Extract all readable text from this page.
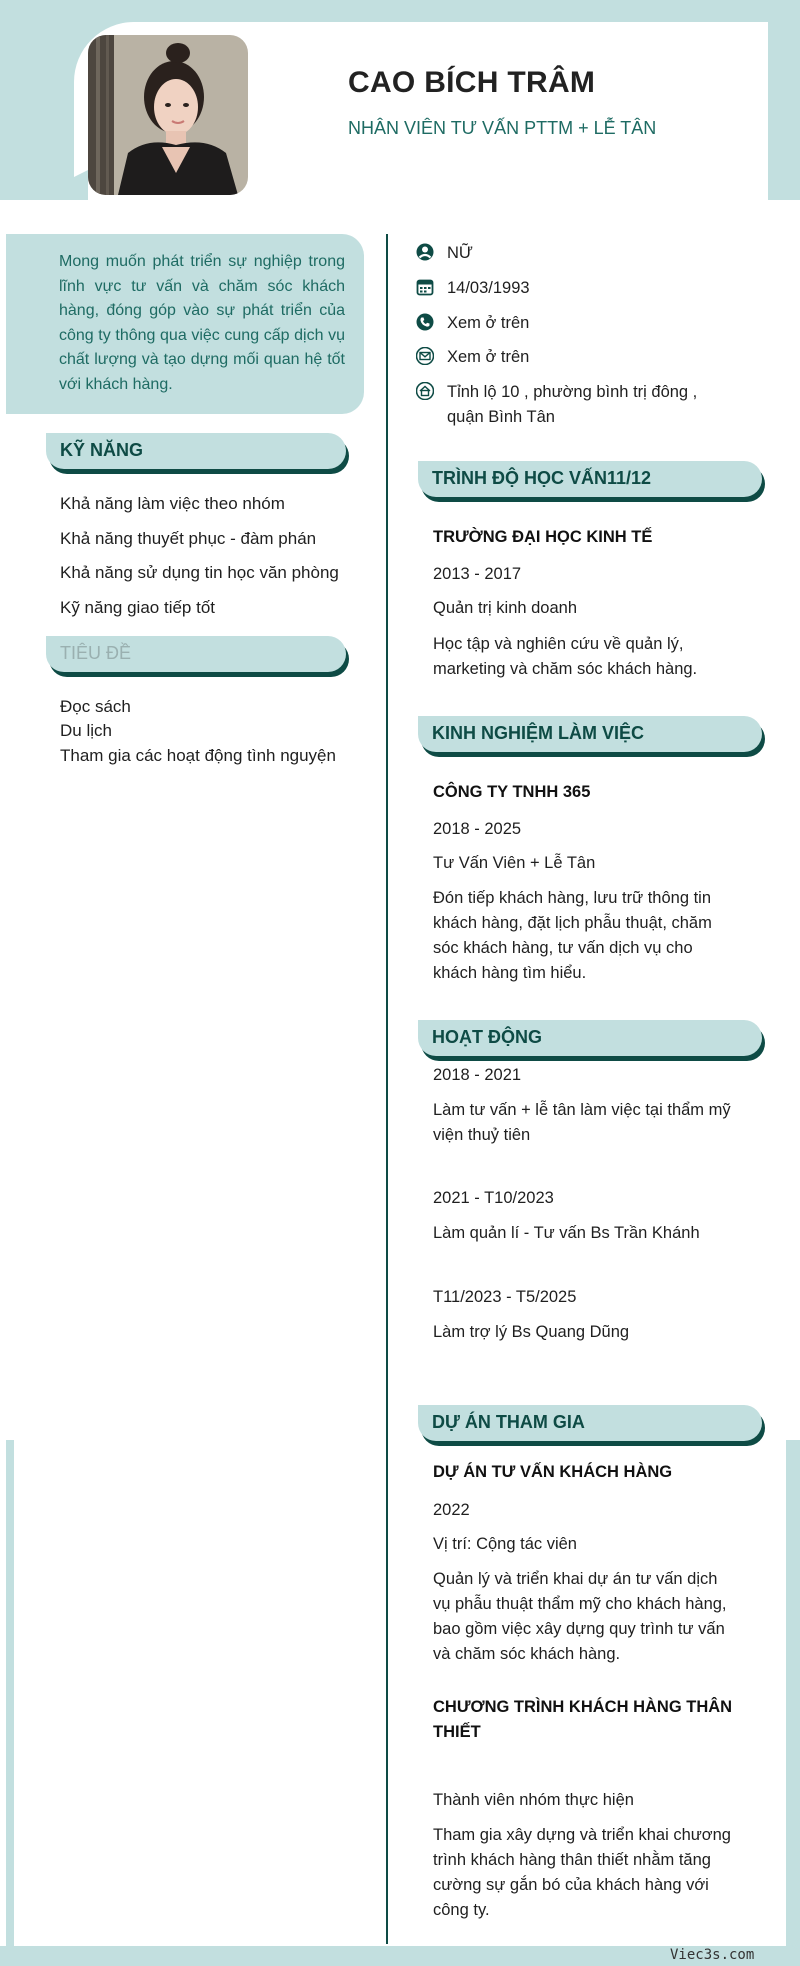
CAO BÍCH TRÂM
NHÂN VIÊN TƯ VẤN PTTM + LỄ TÂN
Mong muốn phát triển sự nghiệp trong lĩnh vực tư vấn và chăm sóc khách hàng, đóng góp vào sự phát triển của công ty thông qua việc cung cấp dịch vụ chất lượng và tạo dựng mối quan hệ tốt với khách hàng.
KỸ NĂNG
Khả năng làm việc theo nhóm
Khả năng thuyết phục - đàm phán
Khả năng sử dụng tin học văn phòng
Kỹ năng giao tiếp tốt
TIÊU ĐỀ
Đọc sách
Du lịch
Tham gia các hoạt động tình nguyện
NỮ
14/03/1993
Xem ở trên
Xem ở trên
Tỉnh lộ 10 , phường bình trị đông ,
quận Bình Tân
TRÌNH ĐỘ HỌC VẤN11/12
TRƯỜNG ĐẠI HỌC KINH TẾ
2013 - 2017
Quản trị kinh doanh
Học tập và nghiên cứu về quản lý,
marketing và chăm sóc khách hàng.
KINH NGHIỆM LÀM VIỆC
CÔNG TY TNHH 365
2018 - 2025
Tư Vấn Viên + Lễ Tân
Đón tiếp khách hàng, lưu trữ thông tin
khách hàng, đặt lịch phẫu thuật, chăm
sóc khách hàng, tư vấn dịch vụ cho
khách hàng tìm hiểu.
HOẠT ĐỘNG
2018 - 2021
Làm tư vấn + lễ tân làm việc tại thẩm mỹ
viện thuỷ tiên
2021 - T10/2023
Làm quản lí - Tư vấn Bs Trần Khánh
T11/2023 - T5/2025
Làm trợ lý Bs Quang Dũng
DỰ ÁN THAM GIA
DỰ ÁN TƯ VẤN KHÁCH HÀNG
2022
Vị trí: Cộng tác viên
Quản lý và triển khai dự án tư vấn dịch
vụ phẫu thuật thẩm mỹ cho khách hàng,
bao gồm việc xây dựng quy trình tư vấn
và chăm sóc khách hàng.
CHƯƠNG TRÌNH KHÁCH HÀNG THÂN
THIẾT
Thành viên nhóm thực hiện
Tham gia xây dựng và triển khai chương
trình khách hàng thân thiết nhằm tăng
cường sự gắn bó của khách hàng với
công ty.
Viec3s.com
